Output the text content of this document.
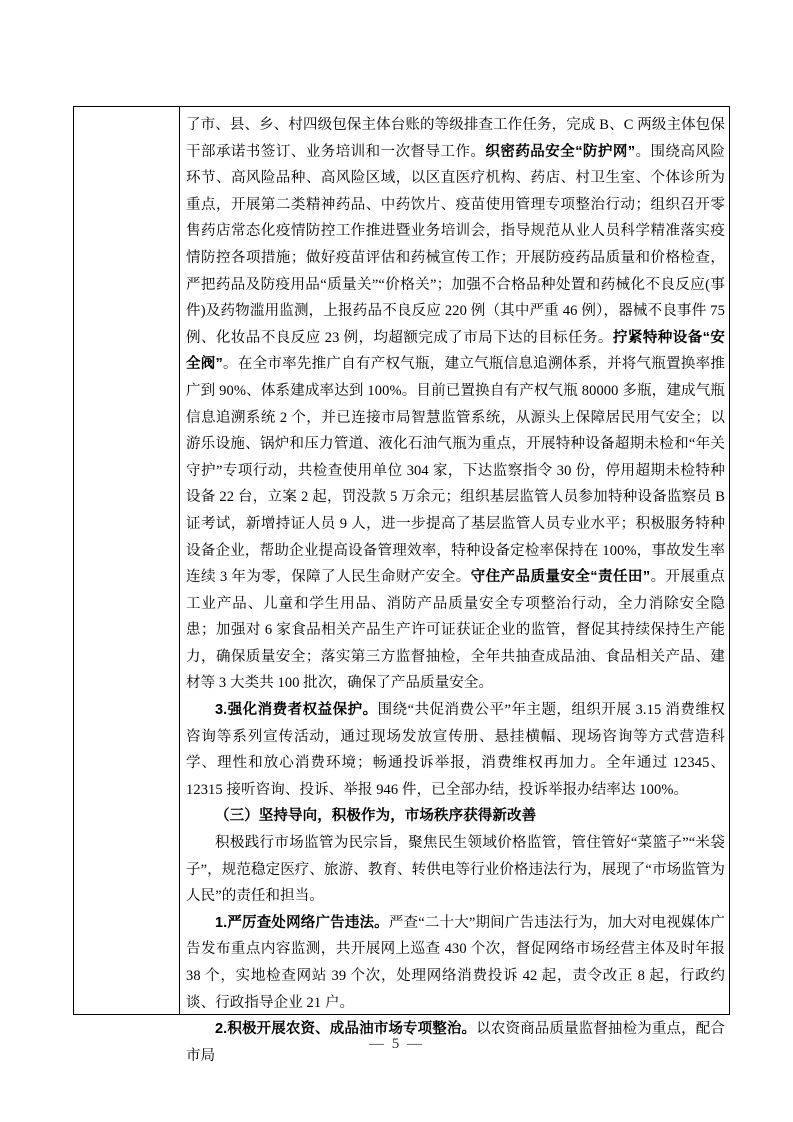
了市、县、乡、村四级包保主体台账的等级排查工作任务，完成 B、C 两级主体包保干部承诺书签订、业务培训和一次督导工作。织密药品安全“防护网”。围绕高风险环节、高风险品种、高风险区域，以区直医疗机构、药店、村卫生室、个体诊所为重点，开展第二类精神药品、中药饮片、疫苗使用管理专项整治行动；组织召开零售药店常态化疫情防控工作推进暨业务培训会，指导规范从业人员科学精准落实疫情防控各项措施；做好疫苗评估和药械宣传工作；开展防疫药品质量和价格检查，严把药品及防疫用品“质量关”“价格关”；加强不合格品种处置和药械化不良反应(事件)及药物滥用监测，上报药品不良反应 220 例（其中严重 46 例），器械不良事件 75 例、化妆品不良反应 23 例，均超额完成了市局下达的目标任务。拧紧特种设备“安全阀”。在全市率先推广自有产权气瓶，建立气瓶信息追溯体系，并将气瓶置换率推广到 90%、体系建成率达到 100%。目前已置换自有产权气瓶 80000 多瓶，建成气瓶信息追溯系统 2 个，并已连接市局智慧监管系统，从源头上保障居民用气安全；以游乐设施、锅炉和压力管道、液化石油气瓶为重点，开展特种设备超期未检和“年关守护”专项行动，共检查使用单位 304 家，下达监察指令 30 份，停用超期未检特种设备 22 台，立案 2 起，罚没款 5 万余元；组织基层监管人员参加特种设备监察员 B 证考试，新增持证人员 9 人，进一步提高了基层监管人员专业水平；积极服务特种设备企业，帮助企业提高设备管理效率，特种设备定检率保持在 100%，事故发生率连续 3 年为零，保障了人民生命财产安全。守住产品质量安全“责任田”。开展重点工业产品、儿童和学生用品、消防产品质量安全专项整治行动，全力消除安全隐患；加强对 6 家食品相关产品生产许可证获证企业的监管，督促其持续保持生产能力，确保质量安全；落实第三方监督抽检，全年共抽查成品油、食品相关产品、建材等 3 大类共 100 批次，确保了产品质量安全。

3.强化消费者权益保护。围绕“共促消费公平”年主题，组织开展 3.15 消费维权咨询等系列宣传活动，通过现场发放宣传册、悬挂横幅、现场咨询等方式营造科学、理性和放心消费环境；畅通投诉举报，消费维权再加力。全年通过 12345、12315 接听咨询、投诉、举报 946 件，已全部办结，投诉举报办结率达 100%。

（三）坚持导向，积极作为，市场秩序获得新改善

积极践行市场监管为民宗旨，聚焦民生领域价格监管，管住管好“菜篮子”“米袋子”，规范稳定医疗、旅游、教育、转供电等行业价格违法行为，展现了“市场监管为人民”的责任和担当。

1.严厉查处网络广告违法。严查“二十大”期间广告违法行为，加大对电视媒体广告发布重点内容监测，共开展网上巡查 430 个次，督促网络市场经营主体及时年报 38 个，实地检查网站 39 个次，处理网络消费投诉 42 起，责令改正 8 起，行政约谈、行政指导企业 21 户。

2.积极开展农资、成品油市场专项整治。以农资商品质量监督抽检为重点，配合市局

— 5 —
